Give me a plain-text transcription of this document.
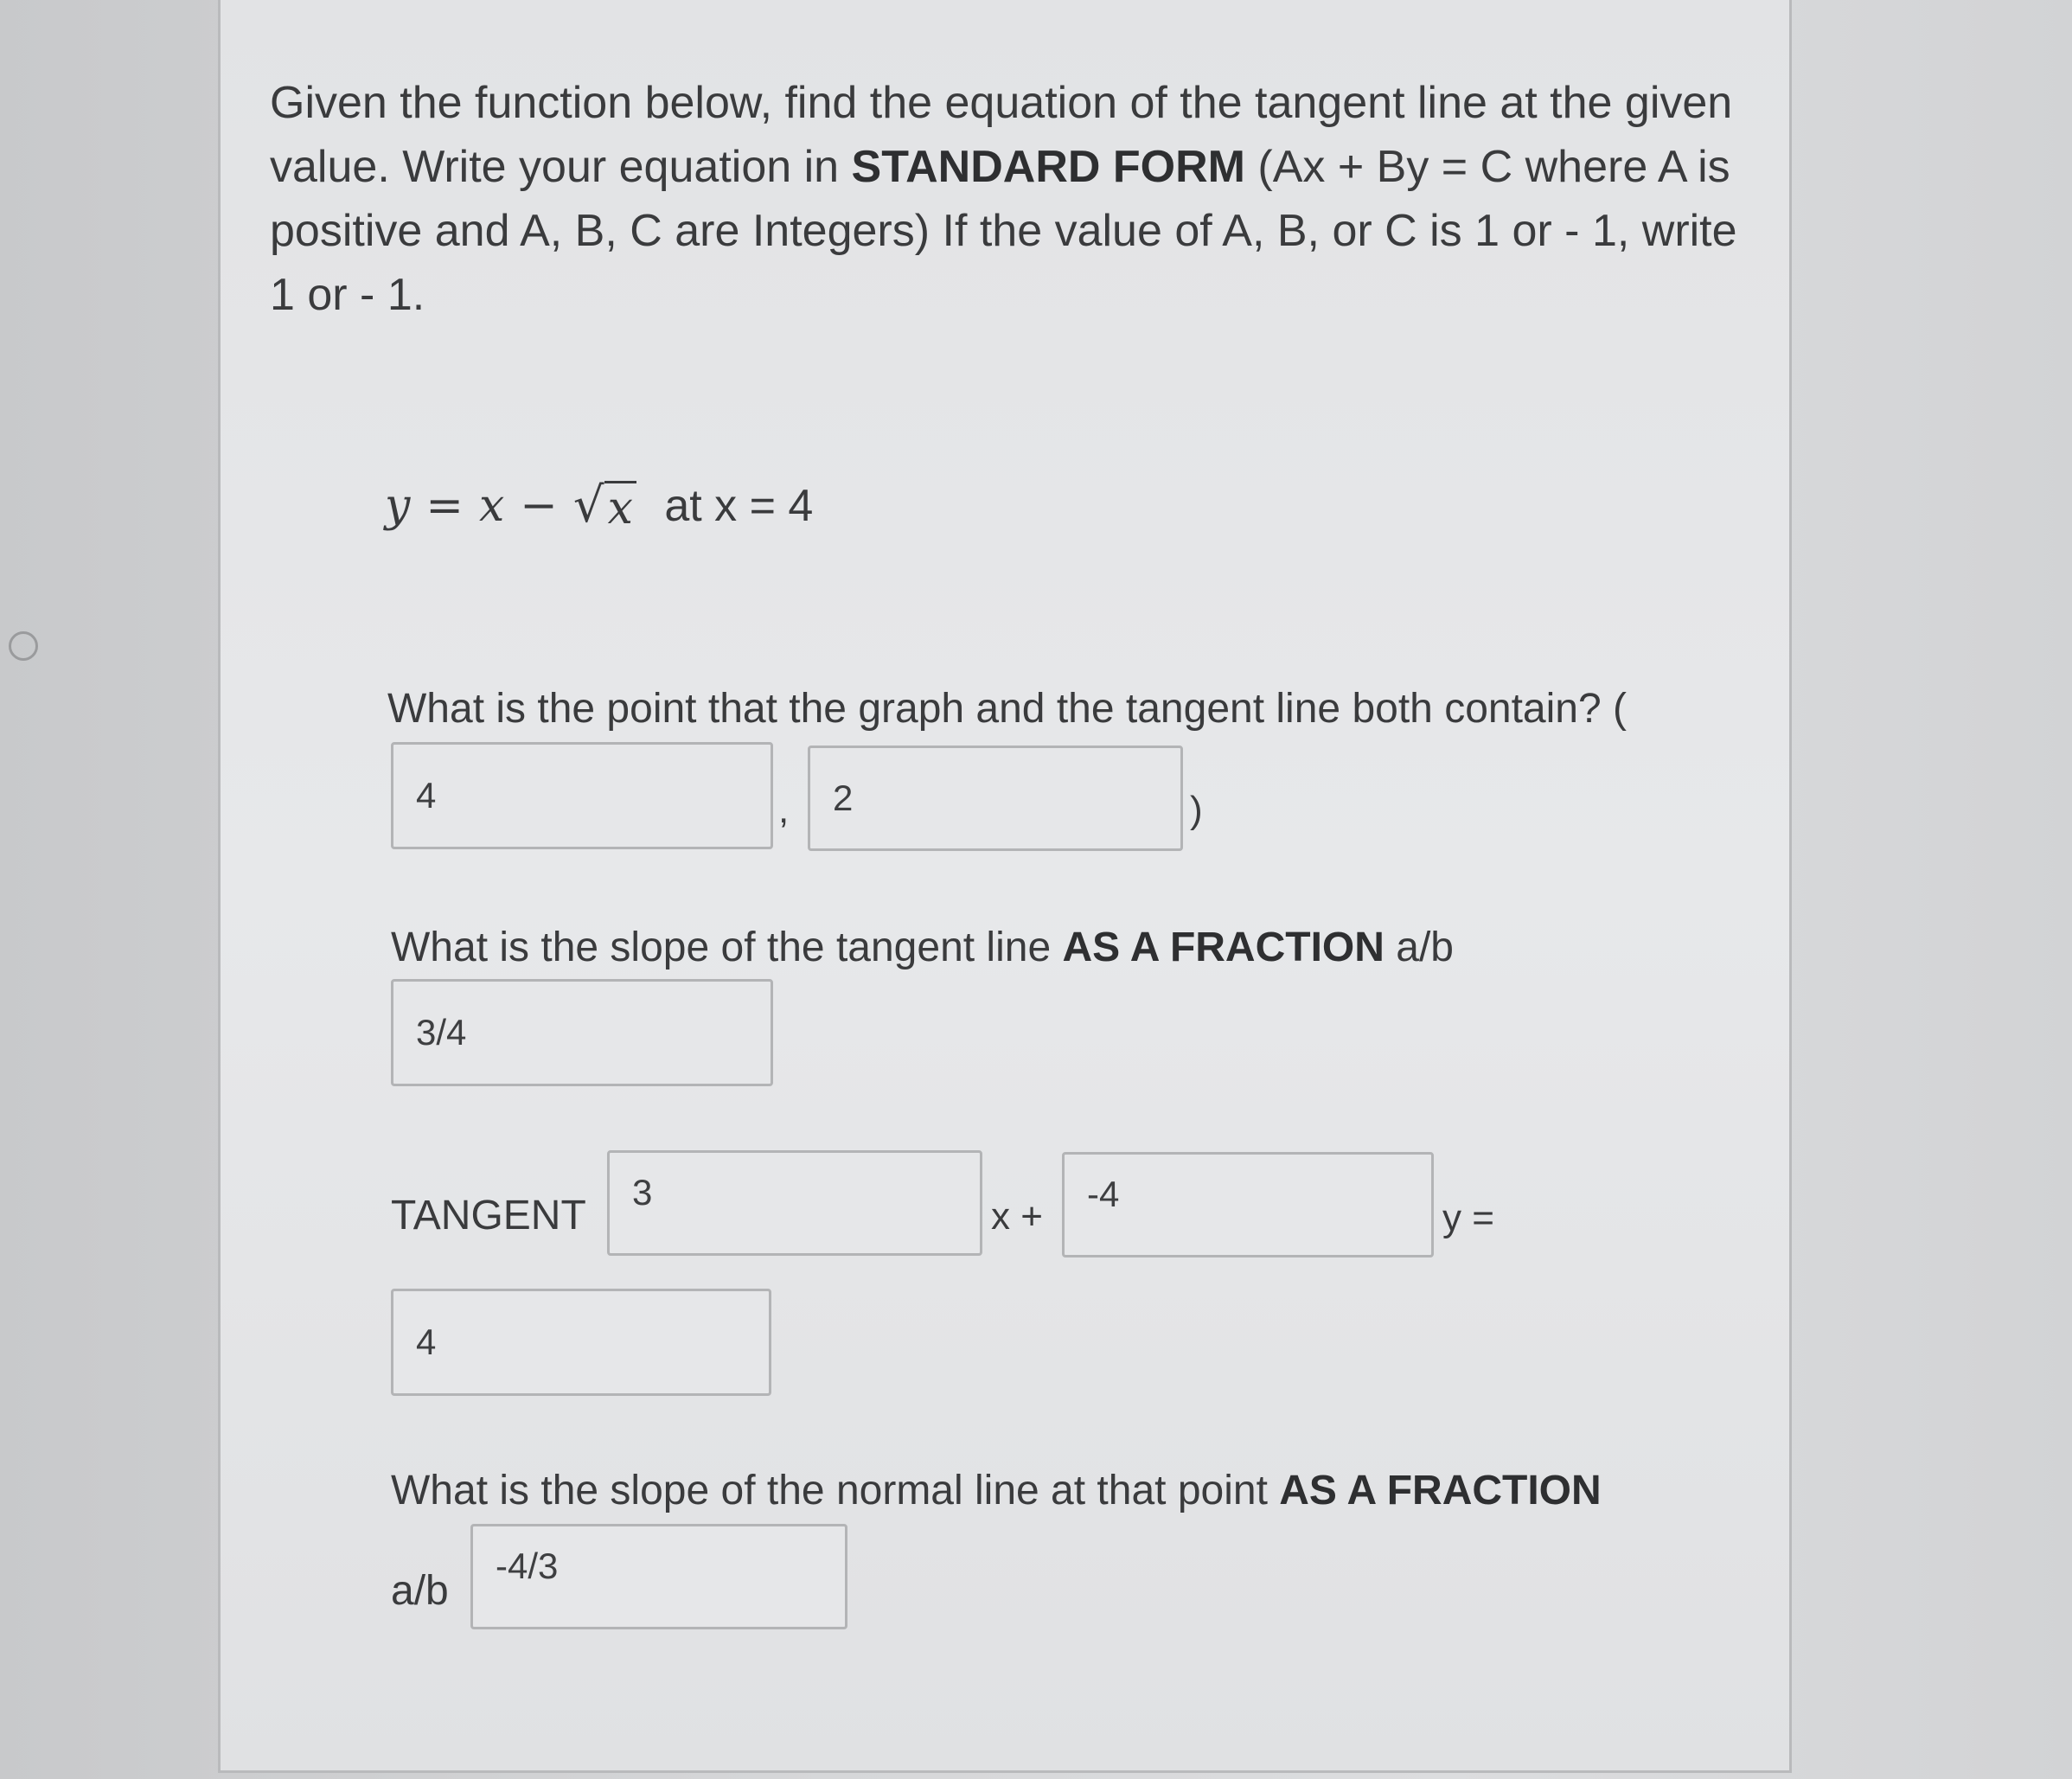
Given the function below, find the equation of the tangent line at the given value. Write your equation in STANDARD FORM (Ax + By = C where A is positive and A, B, C are Integers) If the value of A, B, or C is 1 or - 1, write 1 or - 1.
y = x − √ x at x = 4
What is the point that the graph and the tangent line both contain? (
4	,	2	)
What is the slope of the tangent line AS A FRACTION a/b
3/4
TANGENT
3
x +
-4
y =
4
What is the slope of the normal line at that point AS A FRACTION
a/b
-4/3
